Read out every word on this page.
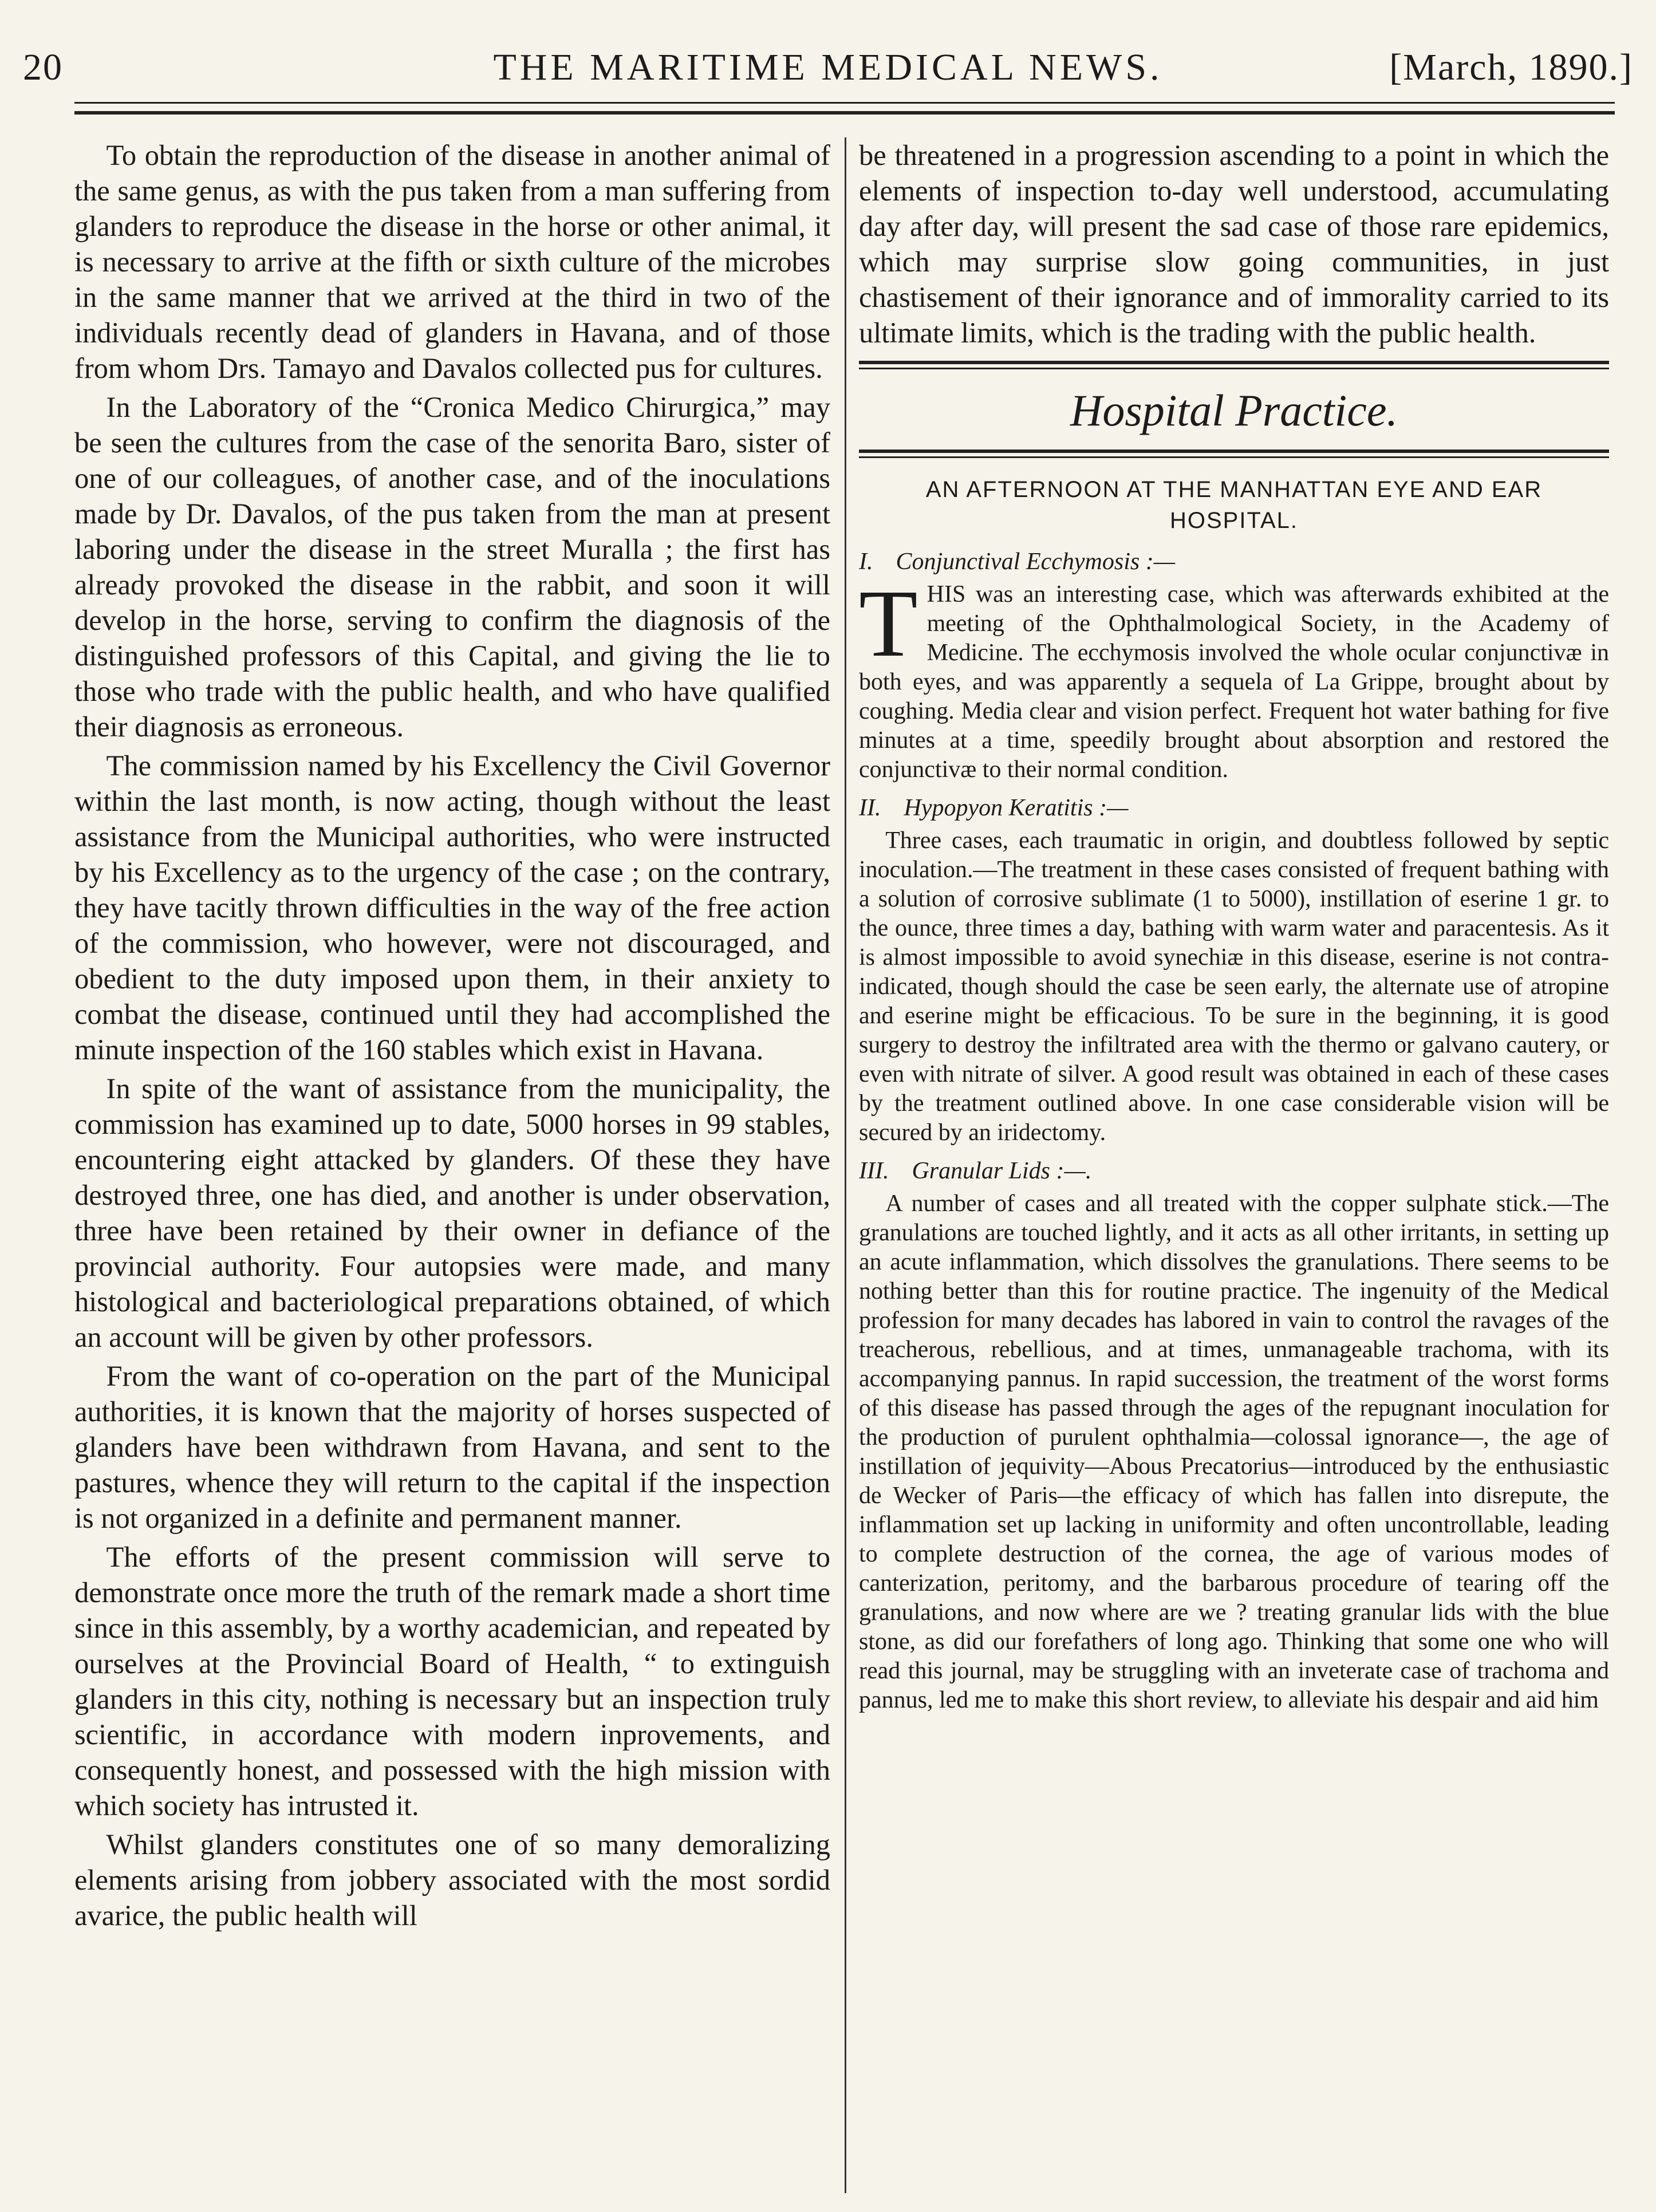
20	THE MARITIME MEDICAL NEWS.	[March, 1890.]

To obtain the reproduction of the disease in another animal of the same genus, as with the pus taken from a man suffering from glanders to reproduce the disease in the horse or other animal, it is necessary to arrive at the fifth or sixth culture of the microbes in the same manner that we arrived at the third in two of the individuals recently dead of glanders in Havana, and of those from whom Drs. Tamayo and Davalos collected pus for cultures.

In the Laboratory of the “Cronica Medico Chirurgica,” may be seen the cultures from the case of the senorita Baro, sister of one of our colleagues, of another case, and of the inoculations made by Dr. Davalos, of the pus taken from the man at present laboring under the disease in the street Muralla ; the first has already provoked the disease in the rabbit, and soon it will develop in the horse, serving to confirm the diagnosis of the distinguished professors of this Capital, and giving the lie to those who trade with the public health, and who have qualified their diagnosis as erroneous.

The commission named by his Excellency the Civil Governor within the last month, is now acting, though without the least assistance from the Municipal authorities, who were instructed by his Excellency as to the urgency of the case ; on the contrary, they have tacitly thrown difficulties in the way of the free action of the commission, who however, were not discouraged, and obedient to the duty imposed upon them, in their anxiety to combat the disease, continued until they had accomplished the minute inspection of the 160 stables which exist in Havana.

In spite of the want of assistance from the municipality, the commission has examined up to date, 5000 horses in 99 stables, encountering eight attacked by glanders. Of these they have destroyed three, one has died, and another is under observation, three have been retained by their owner in defiance of the provincial authority. Four autopsies were made, and many histological and bacteriological preparations obtained, of which an account will be given by other professors.

From the want of co-operation on the part of the Municipal authorities, it is known that the majority of horses suspected of glanders have been withdrawn from Havana, and sent to the pastures, whence they will return to the capital if the inspection is not organized in a definite and permanent manner.

The efforts of the present commission will serve to demonstrate once more the truth of the remark made a short time since in this assembly, by a worthy academician, and repeated by ourselves at the Provincial Board of Health, “ to extinguish glanders in this city, nothing is necessary but an inspection truly scientific, in accordance with modern inprovements, and consequently honest, and possessed with the high mission with which society has intrusted it.

Whilst glanders constitutes one of so many demoralizing elements arising from jobbery associated with the most sordid avarice, the public health will

be threatened in a progression ascending to a point in which the elements of inspection to-day well understood, accumulating day after day, will present the sad case of those rare epidemics, which may surprise slow going communities, in just chastisement of their ignorance and of immorality carried to its ultimate limits, which is the trading with the public health.

Hospital Practice.
AN AFTERNOON AT THE MANHATTAN EYE AND EAR HOSPITAL.

I. Conjunctival Ecchymosis :—

THIS was an interesting case, which was afterwards exhibited at the meeting of the Ophthalmological Society, in the Academy of Medicine. The ecchymosis involved the whole ocular conjunctivæ in both eyes, and was apparently a sequela of La Grippe, brought about by coughing. Media clear and vision perfect. Frequent hot water bathing for five minutes at a time, speedily brought about absorption and restored the conjunctivæ to their normal condition.

II. Hypopyon Keratitis :—

Three cases, each traumatic in origin, and doubtless followed by septic inoculation.—The treatment in these cases consisted of frequent bathing with a solution of corrosive sublimate (1 to 5000), instillation of eserine 1 gr. to the ounce, three times a day, bathing with warm water and paracentesis. As it is almost impossible to avoid synechiæ in this disease, eserine is not contra-indicated, though should the case be seen early, the alternate use of atropine and eserine might be efficacious. To be sure in the beginning, it is good surgery to destroy the infiltrated area with the thermo or galvano cautery, or even with nitrate of silver. A good result was obtained in each of these cases by the treatment outlined above. In one case considerable vision will be secured by an iridectomy.

III. Granular Lids :—.

A number of cases and all treated with the copper sulphate stick.—The granulations are touched lightly, and it acts as all other irritants, in setting up an acute inflammation, which dissolves the granulations. There seems to be nothing better than this for routine practice. The ingenuity of the Medical profession for many decades has labored in vain to control the ravages of the treacherous, rebellious, and at times, unmanageable trachoma, with its accompanying pannus. In rapid succession, the treatment of the worst forms of this disease has passed through the ages of the repugnant inoculation for the production of purulent ophthalmia—colossal ignorance—, the age of instillation of jequivity—Abous Precatorius—introduced by the enthusiastic de Wecker of Paris—the efficacy of which has fallen into disrepute, the inflammation set up lacking in uniformity and often uncontrollable, leading to complete destruction of the cornea, the age of various modes of canterization, peritomy, and the barbarous procedure of tearing off the granulations, and now where are we ? treating granular lids with the blue stone, as did our forefathers of long ago. Thinking that some one who will read this journal, may be struggling with an inveterate case of trachoma and pannus, led me to make this short review, to alleviate his despair and aid him
